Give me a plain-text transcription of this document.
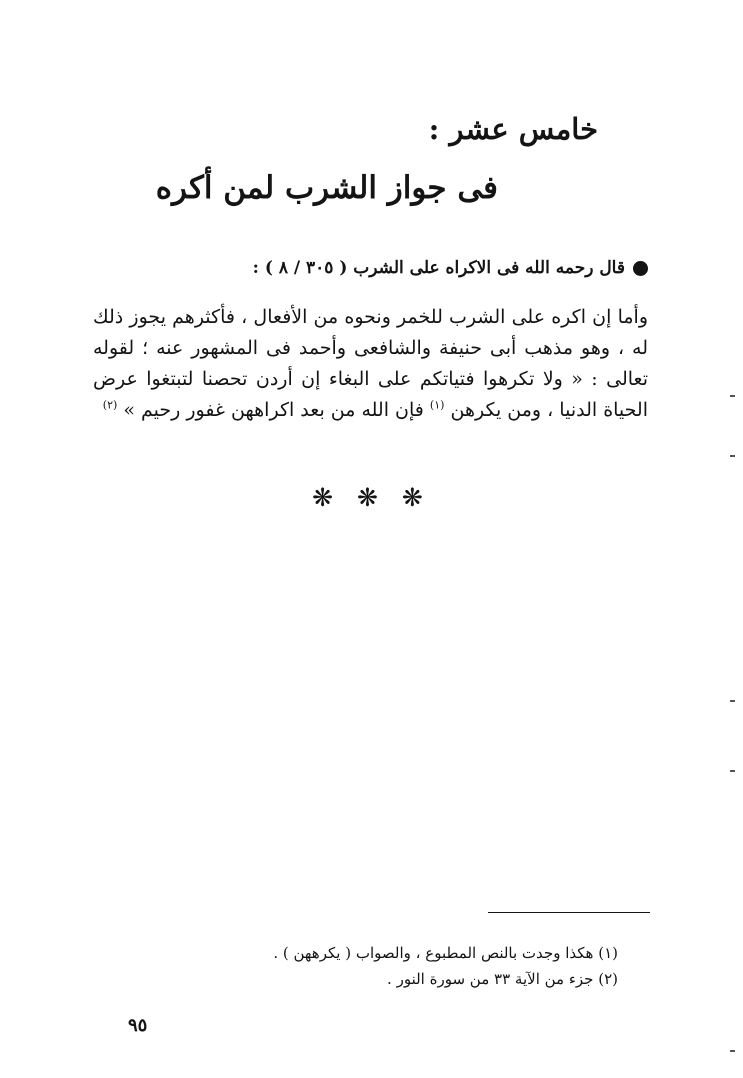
خامس عشر :
فى جواز الشرب لمن أكره
قال رحمه الله فى الاكراه على الشرب ( ٣٠٥ / ٨ ) :

وأما إن اكره على الشرب للخمر ونحوه من الأفعال ، فأكثرهم يجوز ذلك له ، وهو مذهب أبى حنيفة والشافعى وأحمد فى المشهور عنه ؛ لقوله تعالى : « ولا تكرهوا فتياتكم على البغاء إن أردن تحصنا لتبتغوا عرض الحياة الدنيا ، ومن يكرهن $^{(١)}$ فإن الله من بعد اكراههن غفور رحيم » $^{(٢)}$

❋ ❋ ❋

(١) هكذا وجدت بالنص المطبوع ، والصواب ( يكرههن ) .

(٢) جزء من الآية ٣٣ من سورة النور .

٩٥
